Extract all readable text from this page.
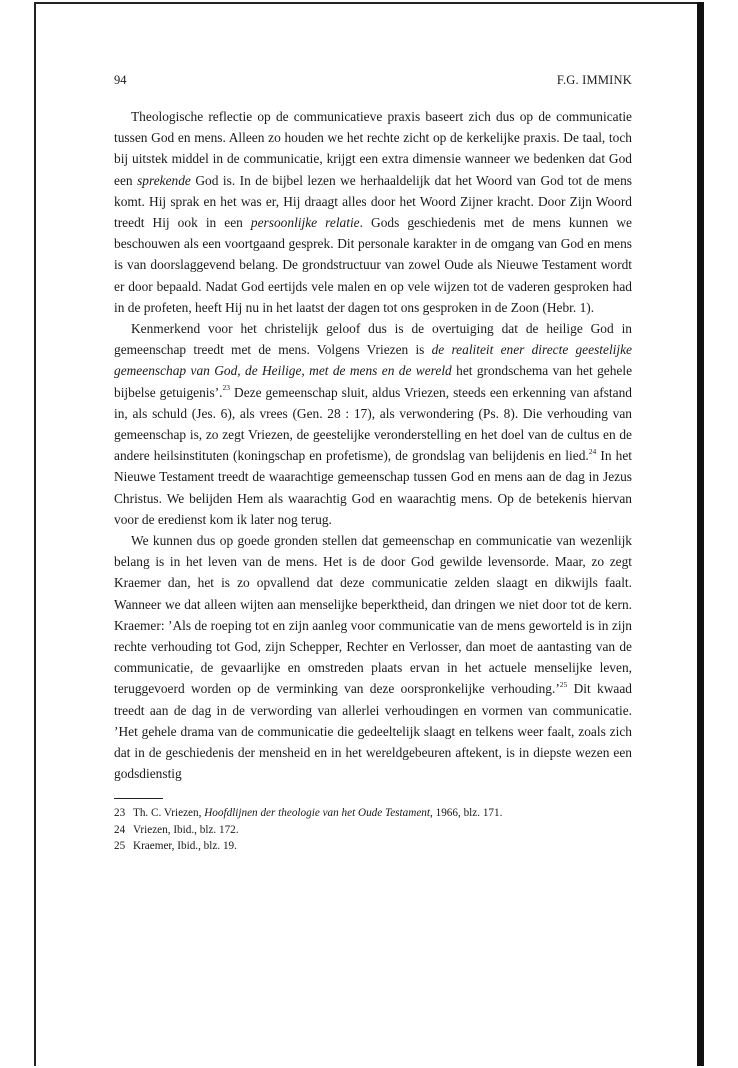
94	F.G. IMMINK

Theologische reflectie op de communicatieve praxis baseert zich dus op de communicatie tussen God en mens. Alleen zo houden we het rechte zicht op de kerkelijke praxis. De taal, toch bij uitstek middel in de communicatie, krijgt een extra dimensie wanneer we bedenken dat God een sprekende God is. In de bijbel lezen we herhaaldelijk dat het Woord van God tot de mens komt. Hij sprak en het was er, Hij draagt alles door het Woord Zijner kracht. Door Zijn Woord treedt Hij ook in een persoonlijke relatie. Gods geschiedenis met de mens kunnen we beschouwen als een voortgaand gesprek. Dit personale karakter in de omgang van God en mens is van doorslaggevend belang. De grondstructuur van zowel Oude als Nieuwe Testament wordt er door bepaald. Nadat God eertijds vele malen en op vele wijzen tot de vaderen gesproken had in de profeten, heeft Hij nu in het laatst der dagen tot ons gesproken in de Zoon (Hebr. 1).

Kenmerkend voor het christelijk geloof dus is de overtuiging dat de heilige God in gemeenschap treedt met de mens. Volgens Vriezen is de realiteit ener directe geestelijke gemeenschap van God, de Heilige, met de mens en de wereld het grondschema van het gehele bijbelse getuigenis’.$^{23}$ Deze gemeenschap sluit, aldus Vriezen, steeds een erkenning van afstand in, als schuld (Jes. 6), als vrees (Gen. 28 : 17), als verwondering (Ps. 8). Die verhouding van gemeenschap is, zo zegt Vriezen, de geestelijke veronderstelling en het doel van de cultus en de andere heilsinstituten (koningschap en profetisme), de grondslag van belijdenis en lied.$^{24}$ In het Nieuwe Testament treedt de waarachtige gemeenschap tussen God en mens aan de dag in Jezus Christus. We belijden Hem als waarachtig God en waarachtig mens. Op de betekenis hiervan voor de eredienst kom ik later nog terug.

We kunnen dus op goede gronden stellen dat gemeenschap en communicatie van wezenlijk belang is in het leven van de mens. Het is de door God gewilde levensorde. Maar, zo zegt Kraemer dan, het is zo opvallend dat deze communicatie zelden slaagt en dikwijls faalt. Wanneer we dat alleen wijten aan menselijke beperktheid, dan dringen we niet door tot de kern. Kraemer: ’Als de roeping tot en zijn aanleg voor communicatie van de mens geworteld is in zijn rechte verhouding tot God, zijn Schepper, Rechter en Verlosser, dan moet de aantasting van de communicatie, de gevaarlijke en omstreden plaats ervan in het actuele menselijke leven, teruggevoerd worden op de verminking van deze oorspronkelijke verhouding.’$^{25}$ Dit kwaad treedt aan de dag in de verwording van allerlei verhoudingen en vormen van communicatie. ’Het gehele drama van de communicatie die gedeeltelijk slaagt en telkens weer faalt, zoals zich dat in de geschiedenis der mensheid en in het wereldgebeuren aftekent, is in diepste wezen een godsdienstig

23 Th. C. Vriezen, Hoofdlijnen der theologie van het Oude Testament, 1966, blz. 171.
24 Vriezen, Ibid., blz. 172.
25 Kraemer, Ibid., blz. 19.
